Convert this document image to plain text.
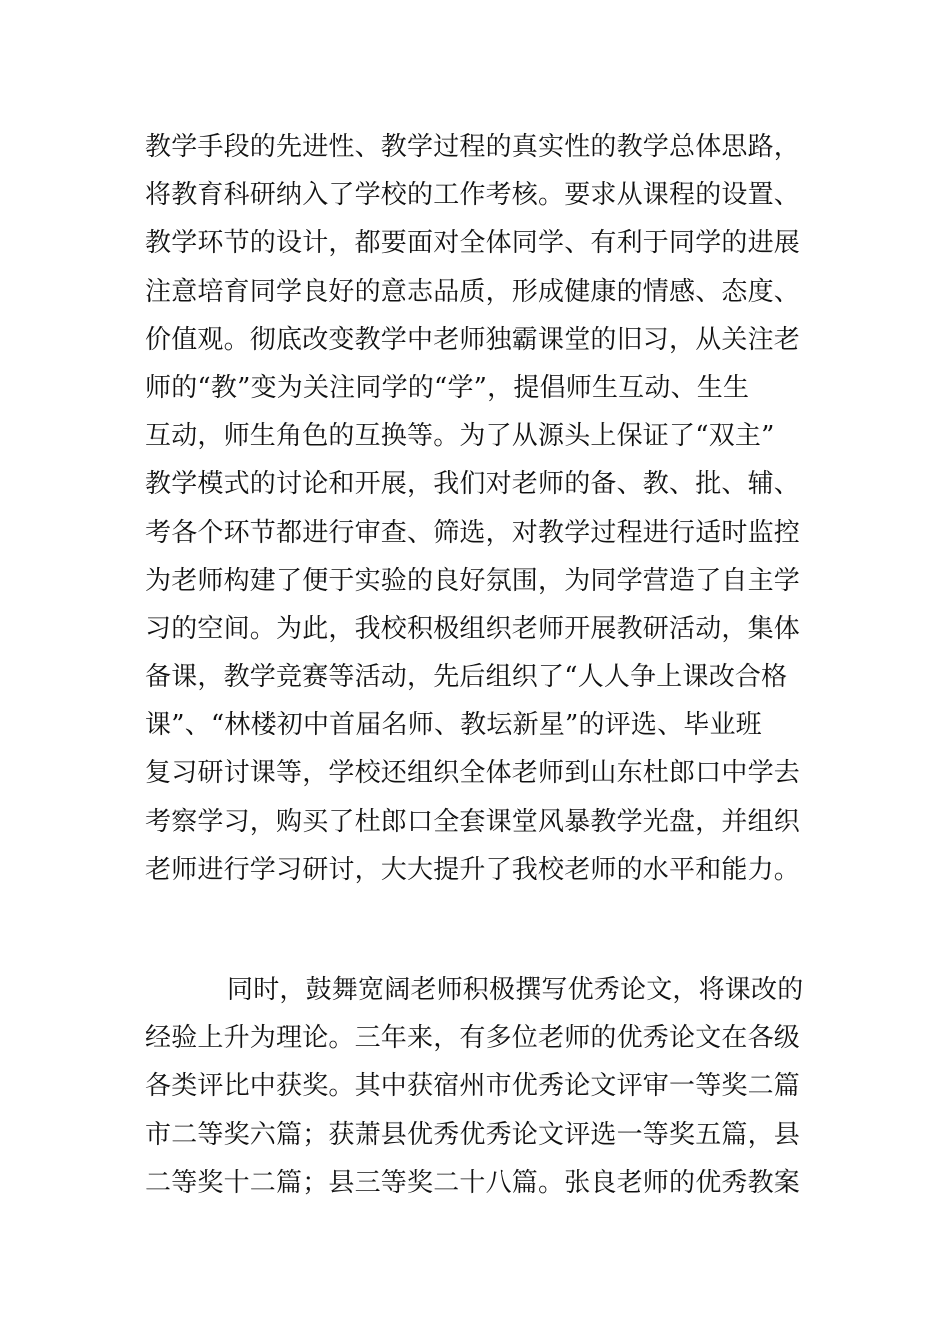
教学手段的先进性、教学过程的真实性的教学总体思路，
将教育科研纳入了学校的工作考核。要求从课程的设置、
教学环节的设计，都要面对全体同学、有利于同学的进展
注意培育同学良好的意志品质，形成健康的情感、态度、
价值观。彻底改变教学中老师独霸课堂的旧习，从关注老
师的“教”变为关注同学的“学”，提倡师生互动、生生
互动，师生角色的互换等。为了从源头上保证了“双主”
教学模式的讨论和开展，我们对老师的备、教、批、辅、
考各个环节都进行审查、筛选，对教学过程进行适时监控
为老师构建了便于实验的良好氛围，为同学营造了自主学
习的空间。为此，我校积极组织老师开展教研活动，集体
备课，教学竞赛等活动，先后组织了“人人争上课改合格
课”、“林楼初中首届名师、教坛新星”的评选、毕业班
复习研讨课等，学校还组织全体老师到山东杜郎口中学去
考察学习，购买了杜郎口全套课堂风暴教学光盘，并组织
老师进行学习研讨，大大提升了我校老师的水平和能力。
同时，鼓舞宽阔老师积极撰写优秀论文，将课改的
经验上升为理论。三年来，有多位老师的优秀论文在各级
各类评比中获奖。其中获宿州市优秀论文评审一等奖二篇
市二等奖六篇；获萧县优秀优秀论文评选一等奖五篇，县
二等奖十二篇；县三等奖二十八篇。张良老师的优秀教案
